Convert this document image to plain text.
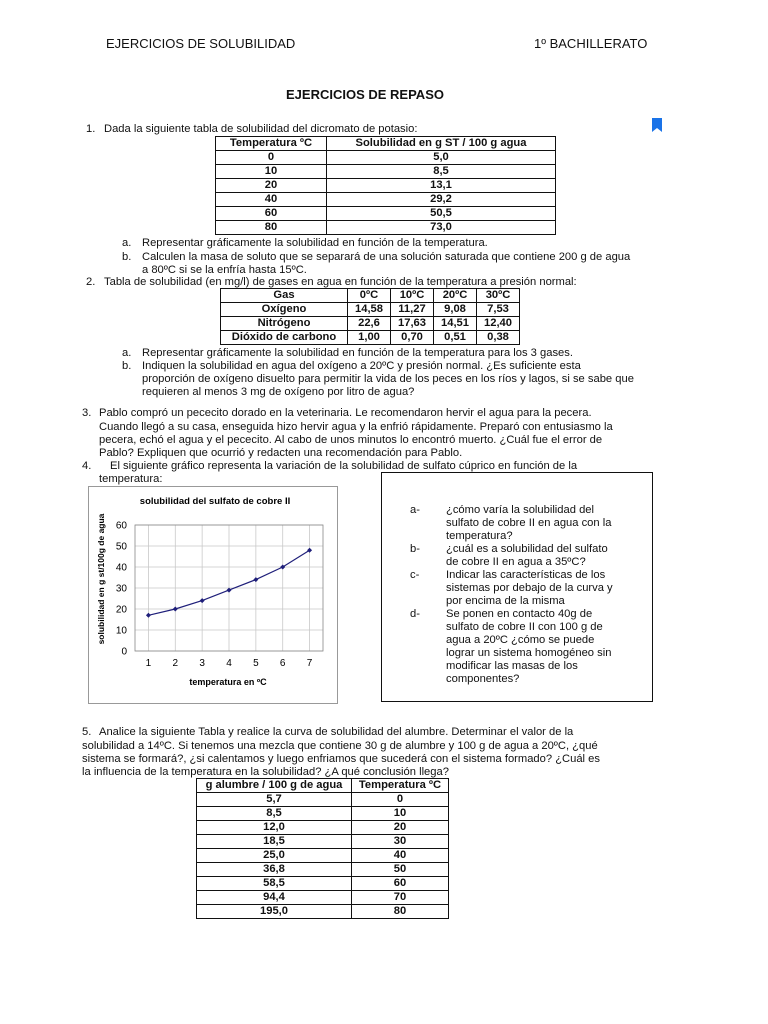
EJERCICIOS DE SOLUBILIDAD	1º BACHILLERATO
EJERCICIOS DE REPASO
1. Dada la siguiente tabla de solubilidad del dicromato de potasio:
Temperatura ºC	Solubilidad en g ST / 100 g agua
0	5,0
10	8,5
20	13,1
40	29,2
60	50,5
80	73,0
a. Representar gráficamente la solubilidad en función de la temperatura.
b. Calculen la masa de soluto que se separará de una solución saturada que contiene 200 g de agua
a 80ºC si se la enfría hasta 15ºC.
2. Tabla de solubilidad (en mg/l) de gases en agua en función de la temperatura a presión normal:
Gas	0ºC	10ºC	20ºC	30ºC
Oxígeno	14,58	11,27	9,08	7,53
Nitrógeno	22,6	17,63	14,51	12,40
Dióxido de carbono	1,00	0,70	0,51	0,38
a. Representar gráficamente la solubilidad en función de la temperatura para los 3 gases.
b. Indiquen la solubilidad en agua del oxígeno a 20ºC y presión normal. ¿Es suficiente esta
proporción de oxígeno disuelto para permitir la vida de los peces en los ríos y lagos, si se sabe que
requieren al menos 3 mg de oxígeno por litro de agua?
3. Pablo compró un pececito dorado en la veterinaria. Le recomendaron hervir el agua para la pecera.
Cuando llegó a su casa, enseguida hizo hervir agua y la enfrió rápidamente. Preparó con entusiasmo la
pecera, echó el agua y el pececito. Al cabo de unos minutos lo encontró muerto. ¿Cuál fue el error de
Pablo? Expliquen que ocurrió y redacten una recomendación para Pablo.
4. El siguiente gráfico representa la variación de la solubilidad de sulfato cúprico en función de la
temperatura:
solubilidad del sulfato de cobre II
temperatura en ºC
solubilidad en g st/100g de agua
0
10
20
30
40
50
60
1 2 3 4 5 6 7
a- ¿cómo varía la solubilidad del
sulfato de cobre II en agua con la
temperatura?
b- ¿cuál es a solubilidad del sulfato
de cobre II en agua a 35ºC?
c- Indicar las características de los
sistemas por debajo de la curva y
por encima de la misma
d- Se ponen en contacto 40g de
sulfato de cobre II con 100 g de
agua a 20ºC ¿cómo se puede
lograr un sistema homogéneo sin
modificar las masas de los
componentes?
5. Analice la siguiente Tabla y realice la curva de solubilidad del alumbre. Determinar el valor de la
solubilidad a 14ºC. Si tenemos una mezcla que contiene 30 g de alumbre y 100 g de agua a 20ºC, ¿qué
sistema se formará?, ¿si calentamos y luego enfriamos que sucederá con el sistema formado? ¿Cuál es
la influencia de la temperatura en la solubilidad? ¿A qué conclusión llega?
g alumbre / 100 g de agua	Temperatura ºC
5,7	0
8,5	10
12,0	20
18,5	30
25,0	40
36,8	50
58,5	60
94,4	70
195,0	80
